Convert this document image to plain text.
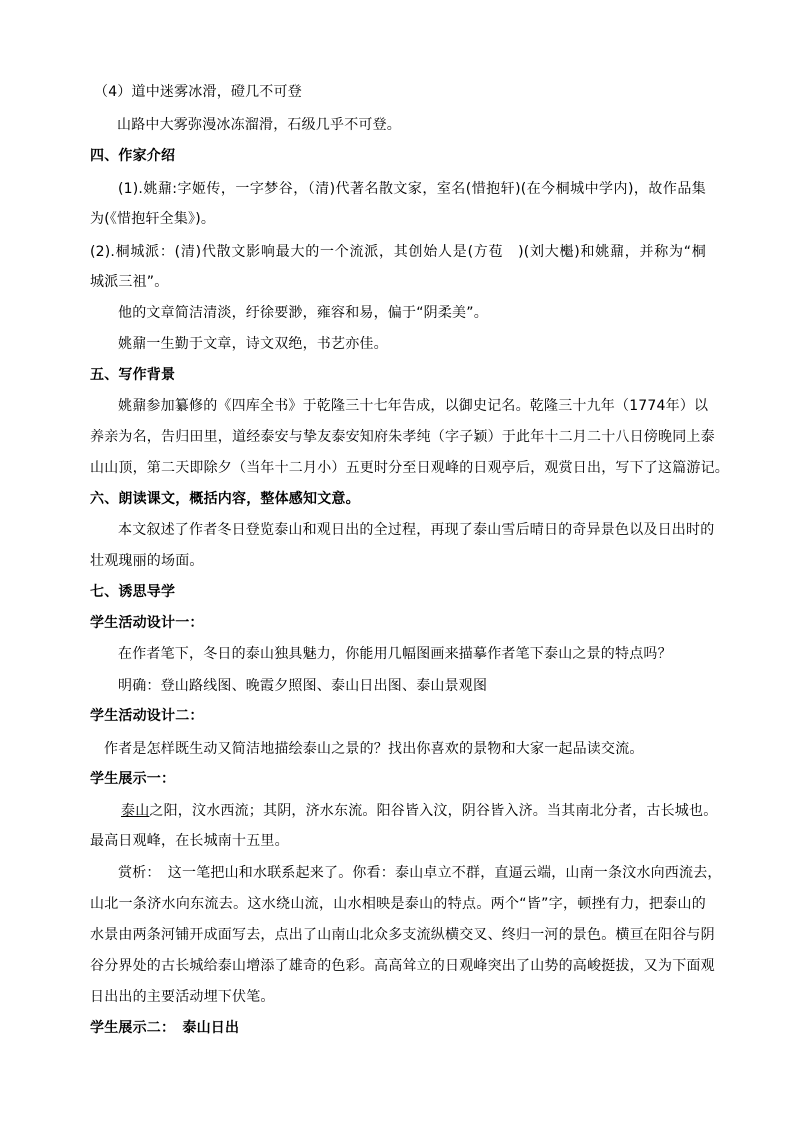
（4）道中迷雾冰滑，磴几不可登
山路中大雾弥漫冰冻溜滑，石级几乎不可登。
四、作家介绍
(1).姚鼐:字姬传，一字梦谷，（清)代著名散文家，室名(惜抱轩)(在今桐城中学内)，故作品集
为(《惜抱轩全集》)。
(2).桐城派：(清)代散文影响最大的一个流派，其创始人是(方苞　)(刘大櫆)和姚鼐，并称为“桐
城派三祖”。
他的文章简洁清淡，纡徐要渺，雍容和易，偏于“阴柔美”。
姚鼐一生勤于文章，诗文双绝，书艺亦佳。
五、写作背景
姚鼐参加纂修的《四库全书》于乾隆三十七年告成，以御史记名。乾隆三十九年（1774年）以
养亲为名，告归田里，道经泰安与挚友泰安知府朱孝纯（字子颖）于此年十二月二十八日傍晚同上泰
山山顶，第二天即除夕（当年十二月小）五更时分至日观峰的日观亭后，观赏日出，写下了这篇游记。
六、朗读课文，概括内容，整体感知文意。
本文叙述了作者冬日登览泰山和观日出的全过程，再现了泰山雪后晴日的奇异景色以及日出时的
壮观瑰丽的场面。
七、诱思导学
学生活动设计一：
在作者笔下，冬日的泰山独具魅力，你能用几幅图画来描摹作者笔下泰山之景的特点吗？
明确：登山路线图、晚霞夕照图、泰山日出图、泰山景观图
学生活动设计二：
作者是怎样既生动又简洁地描绘泰山之景的？找出你喜欢的景物和大家一起品读交流。
学生展示一：
泰山之阳，汶水西流；其阴，济水东流。阳谷皆入汶，阴谷皆入济。当其南北分者，古长城也。
最高日观峰，在长城南十五里。
赏析：　这一笔把山和水联系起来了。你看：泰山卓立不群，直逼云端，山南一条汶水向西流去，
山北一条济水向东流去。这水绕山流，山水相映是泰山的特点。两个“皆”字，顿挫有力，把泰山的
水景由两条河铺开成面写去，点出了山南山北众多支流纵横交叉、终归一河的景色。横亘在阳谷与阴
谷分界处的古长城给泰山增添了雄奇的色彩。高高耸立的日观峰突出了山势的高峻挺拔，又为下面观
日出出的主要活动埋下伏笔。
学生展示二：　泰山日出
